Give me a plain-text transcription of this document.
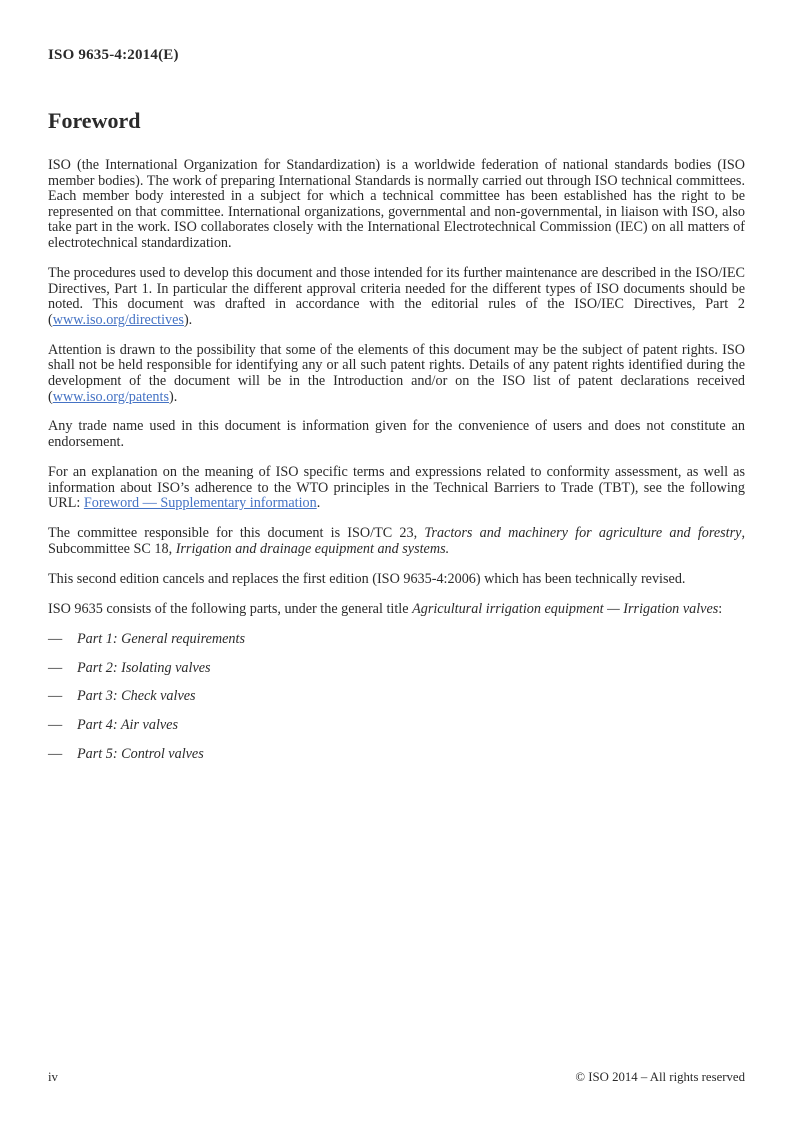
ISO 9635-4:2014(E)
Foreword

ISO (the International Organization for Standardization) is a worldwide federation of national standards bodies (ISO member bodies). The work of preparing International Standards is normally carried out through ISO technical committees. Each member body interested in a subject for which a technical committee has been established has the right to be represented on that committee. International organizations, governmental and non-governmental, in liaison with ISO, also take part in the work. ISO collaborates closely with the International Electrotechnical Commission (IEC) on all matters of electrotechnical standardization.

The procedures used to develop this document and those intended for its further maintenance are described in the ISO/IEC Directives, Part 1. In particular the different approval criteria needed for the different types of ISO documents should be noted. This document was drafted in accordance with the editorial rules of the ISO/IEC Directives, Part 2 (www.iso.org/directives).

Attention is drawn to the possibility that some of the elements of this document may be the subject of patent rights. ISO shall not be held responsible for identifying any or all such patent rights. Details of any patent rights identified during the development of the document will be in the Introduction and/or on the ISO list of patent declarations received (www.iso.org/patents).

Any trade name used in this document is information given for the convenience of users and does not constitute an endorsement.

For an explanation on the meaning of ISO specific terms and expressions related to conformity assessment, as well as information about ISO’s adherence to the WTO principles in the Technical Barriers to Trade (TBT), see the following URL: Foreword — Supplementary information.

The committee responsible for this document is ISO/TC 23, Tractors and machinery for agriculture and forestry, Subcommittee SC 18, Irrigation and drainage equipment and systems.

This second edition cancels and replaces the first edition (ISO 9635-4:2006) which has been technically revised.

ISO 9635 consists of the following parts, under the general title Agricultural irrigation equipment — Irrigation valves:

— Part 1: General requirements
— Part 2: Isolating valves
— Part 3: Check valves
— Part 4: Air valves
— Part 5: Control valves
iv	© ISO 2014 – All rights reserved
